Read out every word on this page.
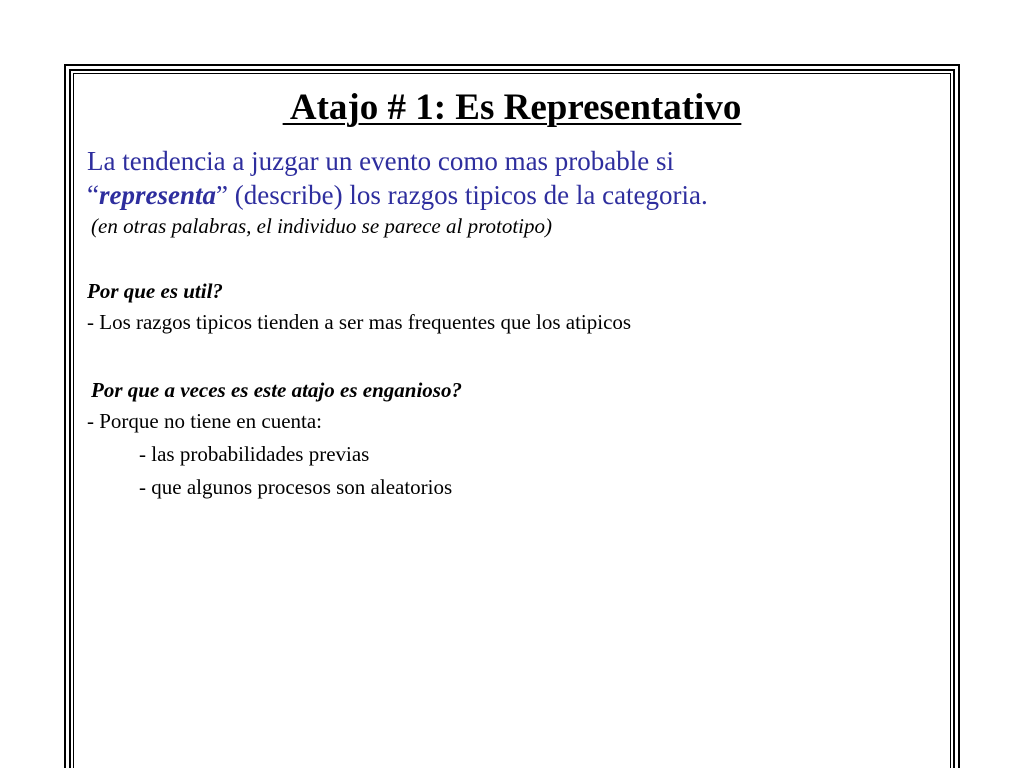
Atajo # 1: Es Representativo
La tendencia a juzgar un evento como mas probable si
“representa” (describe) los razgos tipicos de la categoria.
(en otras palabras, el individuo se parece al prototipo)
Por que es util?
- Los razgos tipicos tienden a ser mas frequentes que los atipicos
Por que a veces es este atajo es enganioso?
- Porque no tiene en cuenta:
- las probabilidades previas
- que algunos procesos son aleatorios
